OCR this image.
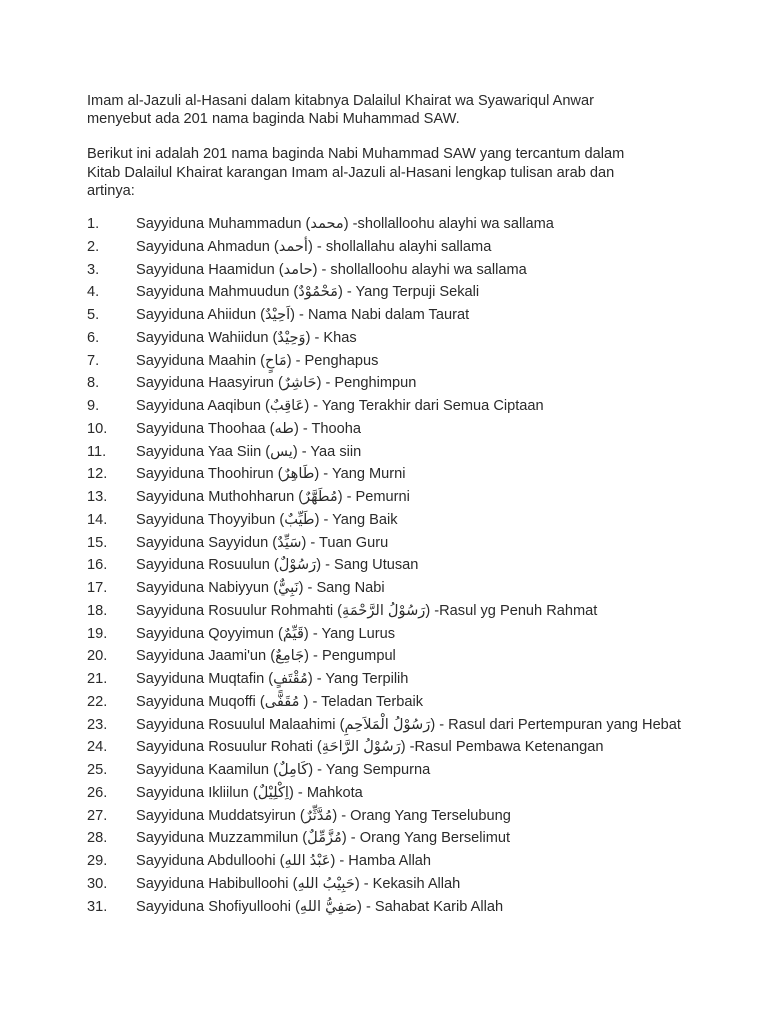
Imam al-Jazuli al-Hasani dalam kitabnya Dalailul Khairat wa Syawariqul Anwar
menyebut ada 201 nama baginda Nabi Muhammad SAW.

Berikut ini adalah 201 nama baginda Nabi Muhammad SAW yang tercantum dalam
Kitab Dalailul Khairat karangan Imam al-Jazuli al-Hasani lengkap tulisan arab dan
artinya:

1.	Sayyiduna Muhammadun (محمد) -shollalloohu alayhi wa sallama
2.	Sayyiduna Ahmadun (أحمد) - shollallahu alayhi sallama
3.	Sayyiduna Haamidun (حامد) - shollalloohu alayhi wa sallama
4.	Sayyiduna Mahmuudun (مَحْمُوْدٌ) - Yang Terpuji Sekali
5.	Sayyiduna Ahiidun (اَحِيْدٌ) - Nama Nabi dalam Taurat
6.	Sayyiduna Wahiidun (وَحِيْدٌ) - Khas
7.	Sayyiduna Maahin (مَاحٍ) - Penghapus
8.	Sayyiduna Haasyirun (حَاشِرٌ) - Penghimpun
9.	Sayyiduna Aaqibun (عَاقِبٌ) - Yang Terakhir dari Semua Ciptaan
10.	Sayyiduna Thoohaa (طه) - Thooha
11.	Sayyiduna Yaa Siin (يس) - Yaa siin
12.	Sayyiduna Thoohirun (طَاهِرٌ) - Yang Murni
13.	Sayyiduna Muthohharun (مُطَهَّرٌ) - Pemurni
14.	Sayyiduna Thoyyibun (طَيِّبٌ) - Yang Baik
15.	Sayyiduna Sayyidun (سَيِّدٌ) - Tuan Guru
16.	Sayyiduna Rosuulun (رَسُوْلٌ) - Sang Utusan
17.	Sayyiduna Nabiyyun (نَبِيٌّ) - Sang Nabi
18.	Sayyiduna Rosuulur Rohmahti (رَسُوْلُ الرَّحْمَةِ) -Rasul yg Penuh Rahmat
19.	Sayyiduna Qoyyimun (قَيِّمٌ) - Yang Lurus
20.	Sayyiduna Jaami'un (جَامِعٌ) - Pengumpul
21.	Sayyiduna Muqtafin (مُقْتَفٍ) - Yang Terpilih
22.	Sayyiduna Muqoffi (مُقَفًّى ) - Teladan Terbaik
23.	Sayyiduna Rosuulul Malaahimi (رَسُوْلُ الْمَلاَحِمِ) - Rasul dari Pertempuran yang Hebat
24.	Sayyiduna Rosuulur Rohati (رَسُوْلُ الرَّاحَةِ) -Rasul Pembawa Ketenangan
25.	Sayyiduna Kaamilun (كَامِلٌ) - Yang Sempurna
26.	Sayyiduna Ikliilun (اِكْلِيْلٌ) - Mahkota
27.	Sayyiduna Muddatsyirun (مُدَّثِّرٌ) - Orang Yang Terselubung
28.	Sayyiduna Muzzammilun (مُزَّمِّلٌ) - Orang Yang Berselimut
29.	Sayyiduna Abdulloohi (عَبْدُ اللهِ) - Hamba Allah
30.	Sayyiduna Habibulloohi (حَبِيْبُ اللهِ) - Kekasih Allah
31.	Sayyiduna Shofiyulloohi (صَفِيُّ اللهِ) - Sahabat Karib Allah
